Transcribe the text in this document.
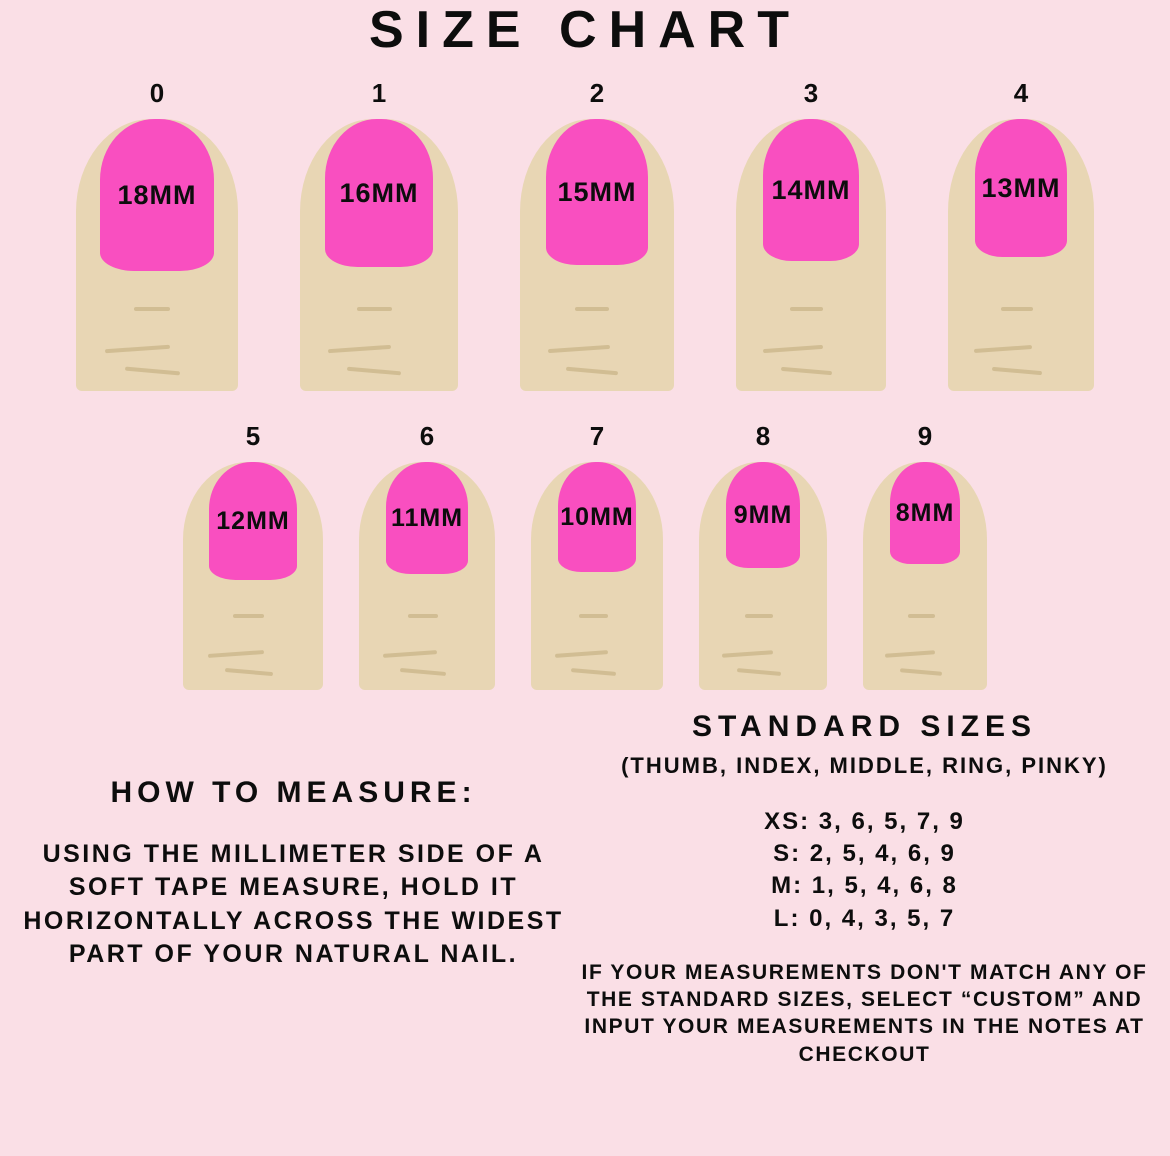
SIZE CHART
0
18MM
1
16MM
2
15MM
3
14MM
4
13MM
5
12MM
6
11MM
7
10MM
8
9MM
9
8MM
HOW TO MEASURE:
USING THE MILLIMETER SIDE OF A SOFT TAPE MEASURE, HOLD IT HORIZONTALLY ACROSS THE WIDEST PART OF YOUR NATURAL NAIL.
STANDARD SIZES
(THUMB, INDEX, MIDDLE, RING, PINKY)
XS: 3, 6, 5, 7, 9
S: 2, 5, 4, 6, 9
M: 1, 5, 4, 6, 8
L: 0, 4, 3, 5, 7
IF YOUR MEASUREMENTS DON'T MATCH ANY OF THE STANDARD SIZES, SELECT “CUSTOM” AND INPUT YOUR MEASUREMENTS IN THE NOTES AT CHECKOUT
